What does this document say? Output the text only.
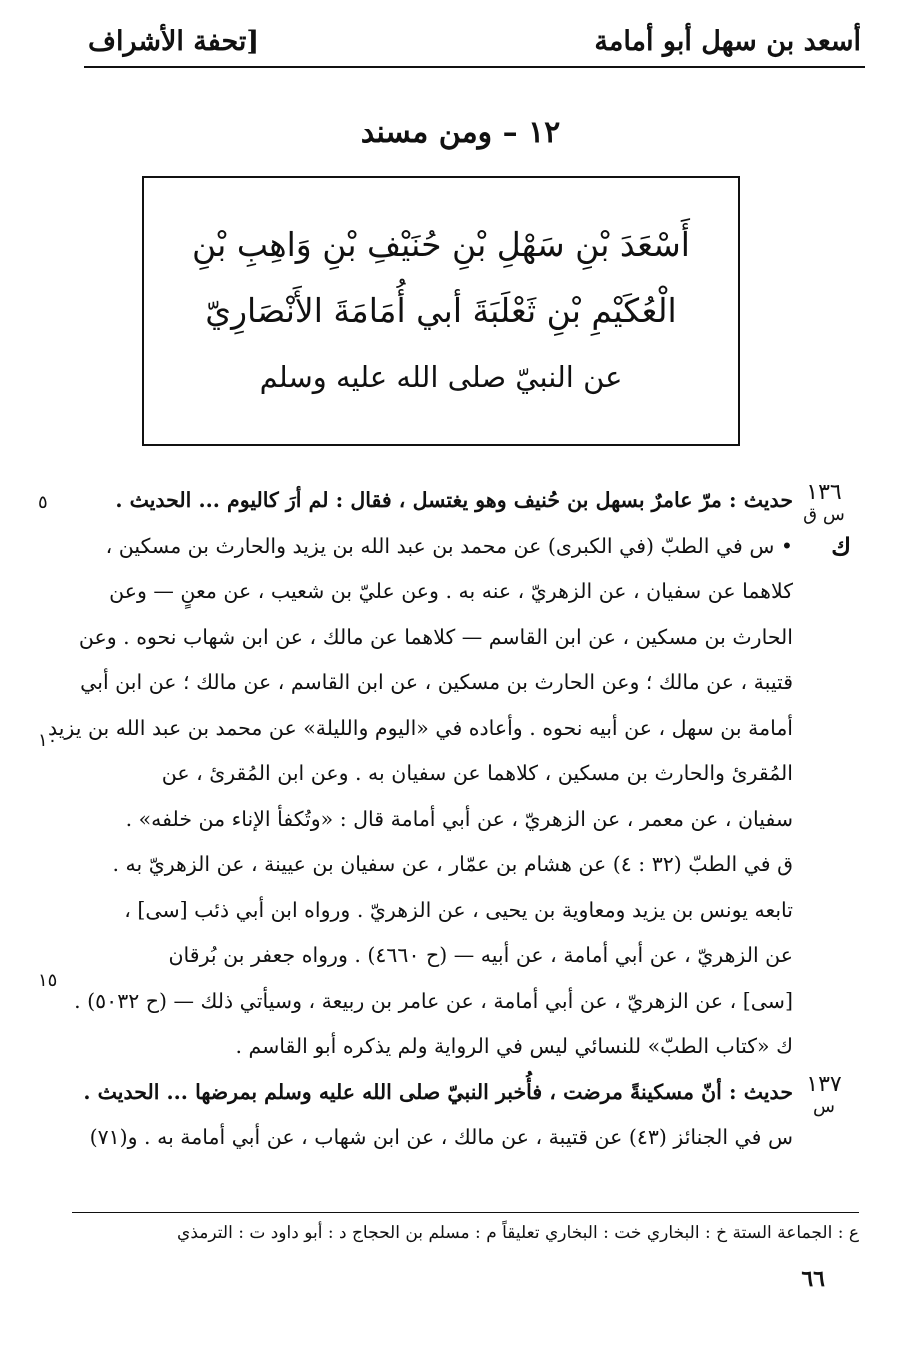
أسعد بن سهل أبو أمامة
[تحفة الأشراف
١٢ – ومن مسند
أَسْعَدَ بْنِ سَهْلِ بْنِ حُنَيْفِ بْنِ وَاهِبِ بْنِ
الْعُكَيْمِ بْنِ ثَعْلَبَةَ أبي أُمَامَةَ الأَنْصَارِيّ
عن النبيّ صلى الله عليه وسلم
١٣٦
س ق
ك
حديث : مرّ عامرٌ بسهل بن حُنيف وهو يغتسل ، فقال : لم أرَ كاليوم ... الحديث .
• س في الطبّ (في الكبرى) عن محمد بن عبد الله بن يزيد والحارث بن مسكين ،
كلاهما عن سفيان ، عن الزهريّ ، عنه به . وعن عليّ بن شعيب ، عن معنٍ — وعن
الحارث بن مسكين ، عن ابن القاسم — كلاهما عن مالك ، عن ابن شهاب نحوه . وعن
قتيبة ، عن مالك ؛ وعن الحارث بن مسكين ، عن ابن القاسم ، عن مالك ؛ عن ابن أبي
أمامة بن سهل ، عن أبيه نحوه . وأعاده في «اليوم والليلة» عن محمد بن عبد الله بن يزيد
المُقرئ والحارث بن مسكين ، كلاهما عن سفيان به . وعن ابن المُقرئ ، عن
سفيان ، عن معمر ، عن الزهريّ ، عن أبي أمامة قال : «وتُكفأ الإناء من خلفه» .
ق في الطبّ (٣٢ : ٤) عن هشام بن عمّار ، عن سفيان بن عيينة ، عن الزهريّ به .
تابعه يونس بن يزيد ومعاوية بن يحيى ، عن الزهريّ . ورواه ابن أبي ذئب [سى] ،
عن الزهريّ ، عن أبي أمامة ، عن أبيه — (ح ٤٦٦٠) . ورواه جعفر بن بُرقان
[سى] ، عن الزهريّ ، عن أبي أمامة ، عن عامر بن ربيعة ، وسيأتي ذلك — (ح ٥٠٣٢) .
ك «كتاب الطبّ» للنسائي ليس في الرواية ولم يذكره أبو القاسم .
١٣٧
س
حديث : أنّ مسكينةً مرضت ، فأُخبر النبيّ صلى الله عليه وسلم بمرضها ... الحديث .
س في الجنائز (٤٣) عن قتيبة ، عن مالك ، عن ابن شهاب ، عن أبي أمامة به . و(٧١)
٥
١٠
١٥
ع : الجماعة الستة خ : البخاري خت : البخاري تعليقاً م : مسلم بن الحجاج د : أبو داود ت : الترمذي
٦٦
